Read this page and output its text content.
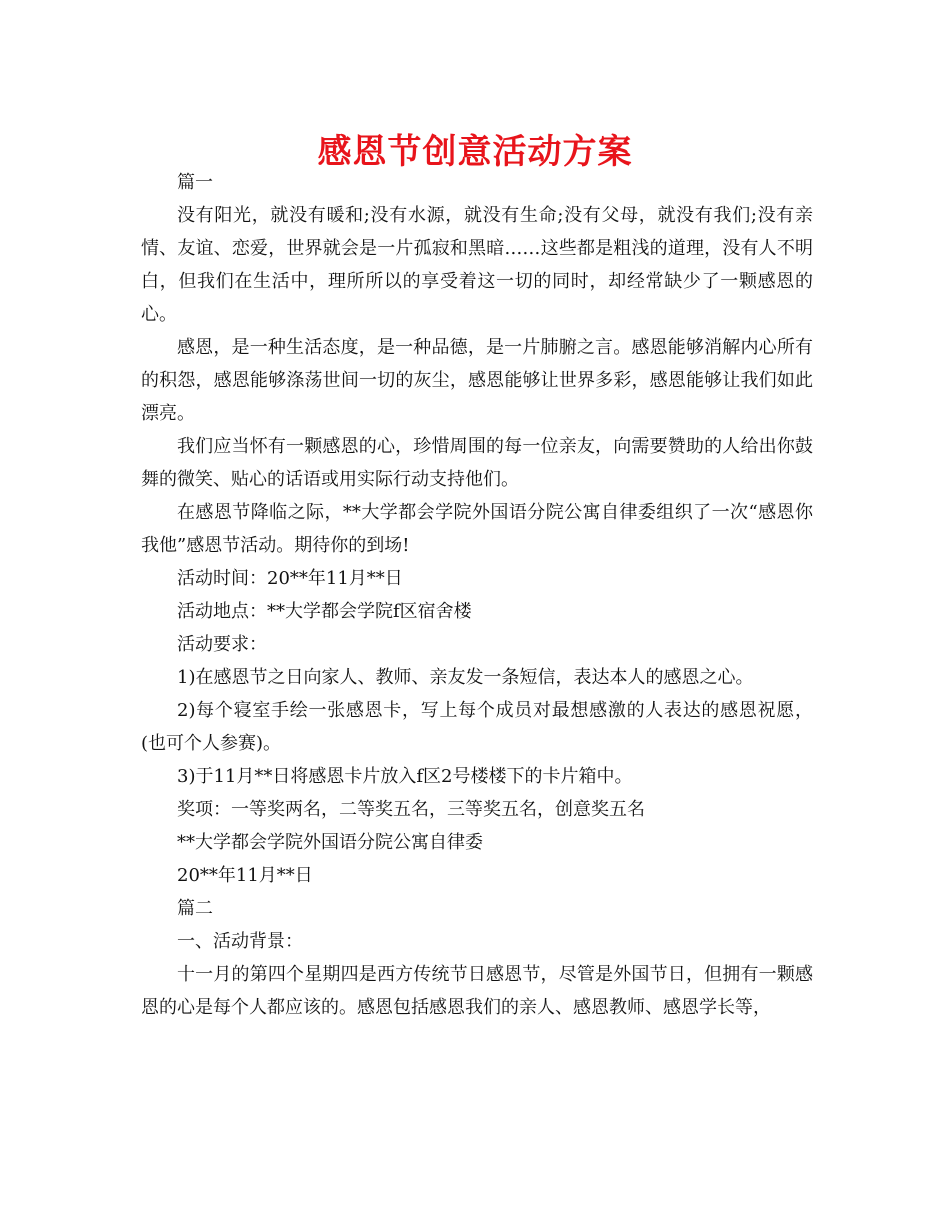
感恩节创意活动方案

篇一

没有阳光，就没有暖和;没有水源，就没有生命;没有父母，就没有我们;没有亲情、友谊、恋爱，世界就会是一片孤寂和黑暗……这些都是粗浅的道理，没有人不明白，但我们在生活中，理所所以的享受着这一切的同时，却经常缺少了一颗感恩的心。

感恩，是一种生活态度，是一种品德，是一片肺腑之言。感恩能够消解内心所有的积怨，感恩能够涤荡世间一切的灰尘，感恩能够让世界多彩，感恩能够让我们如此漂亮。

我们应当怀有一颗感恩的心，珍惜周围的每一位亲友，向需要赞助的人给出你鼓舞的微笑、贴心的话语或用实际行动支持他们。

在感恩节降临之际，**大学都会学院外国语分院公寓自律委组织了一次“感恩你我他”感恩节活动。期待你的到场!

活动时间：20**年11月**日

活动地点：**大学都会学院f区宿舍楼

活动要求：

1)在感恩节之日向家人、教师、亲友发一条短信，表达本人的感恩之心。

2)每个寝室手绘一张感恩卡，写上每个成员对最想感激的人表达的感恩祝愿，(也可个人参赛)。

3)于11月**日将感恩卡片放入f区2号楼楼下的卡片箱中。

奖项：一等奖两名，二等奖五名，三等奖五名，创意奖五名

**大学都会学院外国语分院公寓自律委

20**年11月**日

篇二

一、活动背景：

十一月的第四个星期四是西方传统节日感恩节，尽管是外国节日，但拥有一颗感恩的心是每个人都应该的。感恩包括感恩我们的亲人、感恩教师、感恩学长等，
